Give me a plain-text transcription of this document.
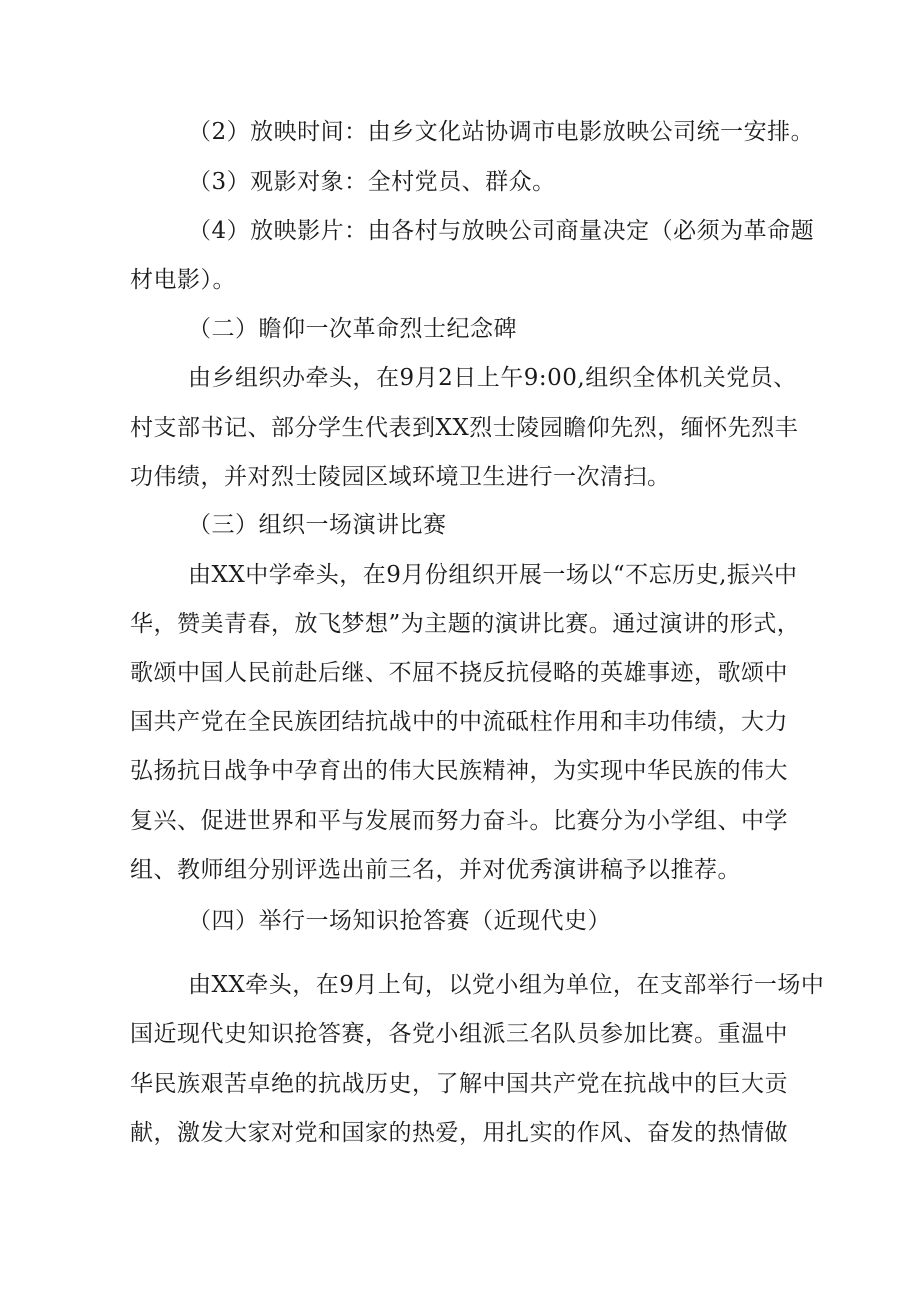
（2）放映时间：由乡文化站协调市电影放映公司统一安排。
（3）观影对象：全村党员、群众。
（4）放映影片：由各村与放映公司商量决定（必须为革命题
材电影）。
（二）瞻仰一次革命烈士纪念碑
由乡组织办牵头，在9月2日上午9:00,组织全体机关党员、
村支部书记、部分学生代表到XX烈士陵园瞻仰先烈，缅怀先烈丰
功伟绩，并对烈士陵园区域环境卫生进行一次清扫。
（三）组织一场演讲比赛
由XX中学牵头，在9月份组织开展一场以“不忘历史,振兴中
华，赞美青春，放飞梦想”为主题的演讲比赛。通过演讲的形式，
歌颂中国人民前赴后继、不屈不挠反抗侵略的英雄事迹，歌颂中
国共产党在全民族团结抗战中的中流砥柱作用和丰功伟绩，大力
弘扬抗日战争中孕育出的伟大民族精神，为实现中华民族的伟大
复兴、促进世界和平与发展而努力奋斗。比赛分为小学组、中学
组、教师组分别评选出前三名，并对优秀演讲稿予以推荐。
（四）举行一场知识抢答赛（近现代史）
由XX牵头，在9月上旬，以党小组为单位，在支部举行一场中
国近现代史知识抢答赛，各党小组派三名队员参加比赛。重温中
华民族艰苦卓绝的抗战历史，了解中国共产党在抗战中的巨大贡
献，激发大家对党和国家的热爱，用扎实的作风、奋发的热情做
